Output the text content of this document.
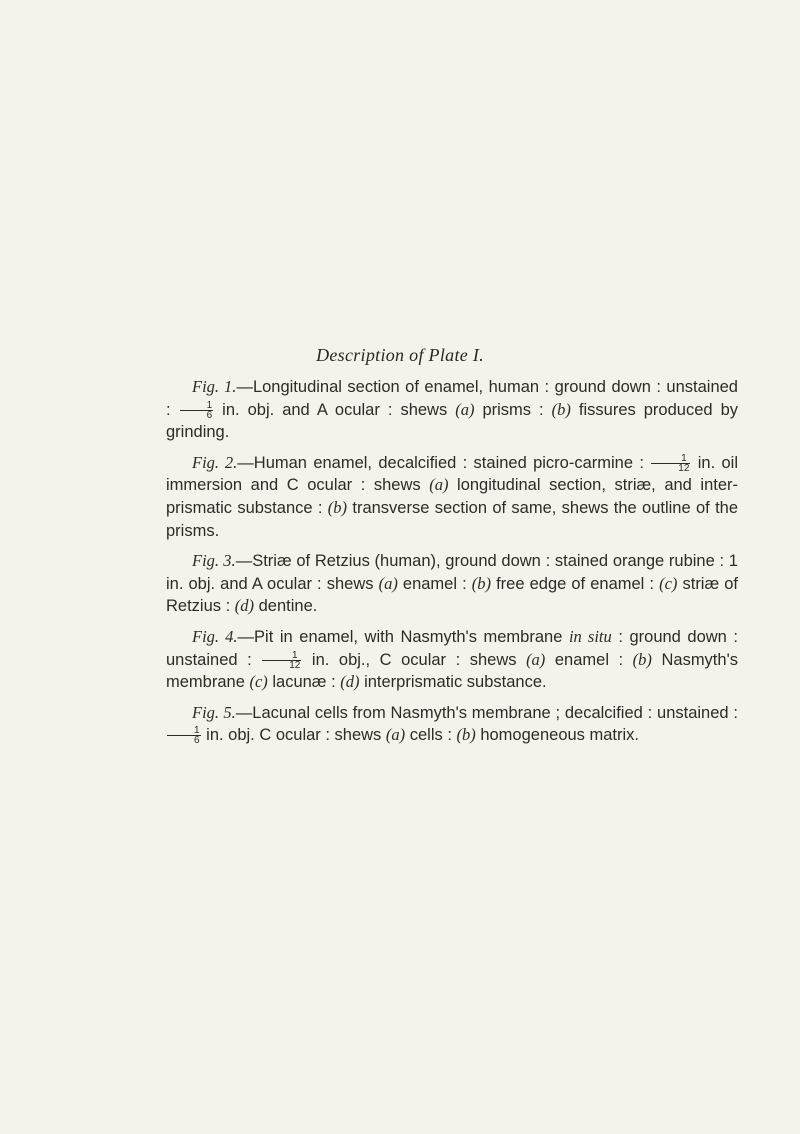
Description of Plate I.

Fig. 1.—Longitudinal section of enamel, human : ground down : unstained : $\frac{1}{6}$ in. obj. and A ocular : shews (a) prisms : (b) fissures produced by grinding.

Fig. 2.—Human enamel, decalcified : stained picro-carmine : $\frac{1}{12}$ in. oil immersion and C ocular : shews (a) longitudinal section, striæ, and inter-prismatic substance : (b) transverse section of same, shews the outline of the prisms.

Fig. 3.—Striæ of Retzius (human), ground down : stained orange rubine : 1 in. obj. and A ocular : shews (a) enamel : (b) free edge of enamel : (c) striæ of Retzius : (d) dentine.

Fig. 4.—Pit in enamel, with Nasmyth's membrane in situ : ground down : unstained : $\frac{1}{12}$ in. obj., C ocular : shews (a) enamel : (b) Nasmyth's membrane (c) lacunæ : (d) interprismatic substance.

Fig. 5.—Lacunal cells from Nasmyth's membrane ; decalcified : unstained :
$\frac{1}{6}$ in. obj. C ocular : shews (a) cells : (b) homogeneous matrix.
